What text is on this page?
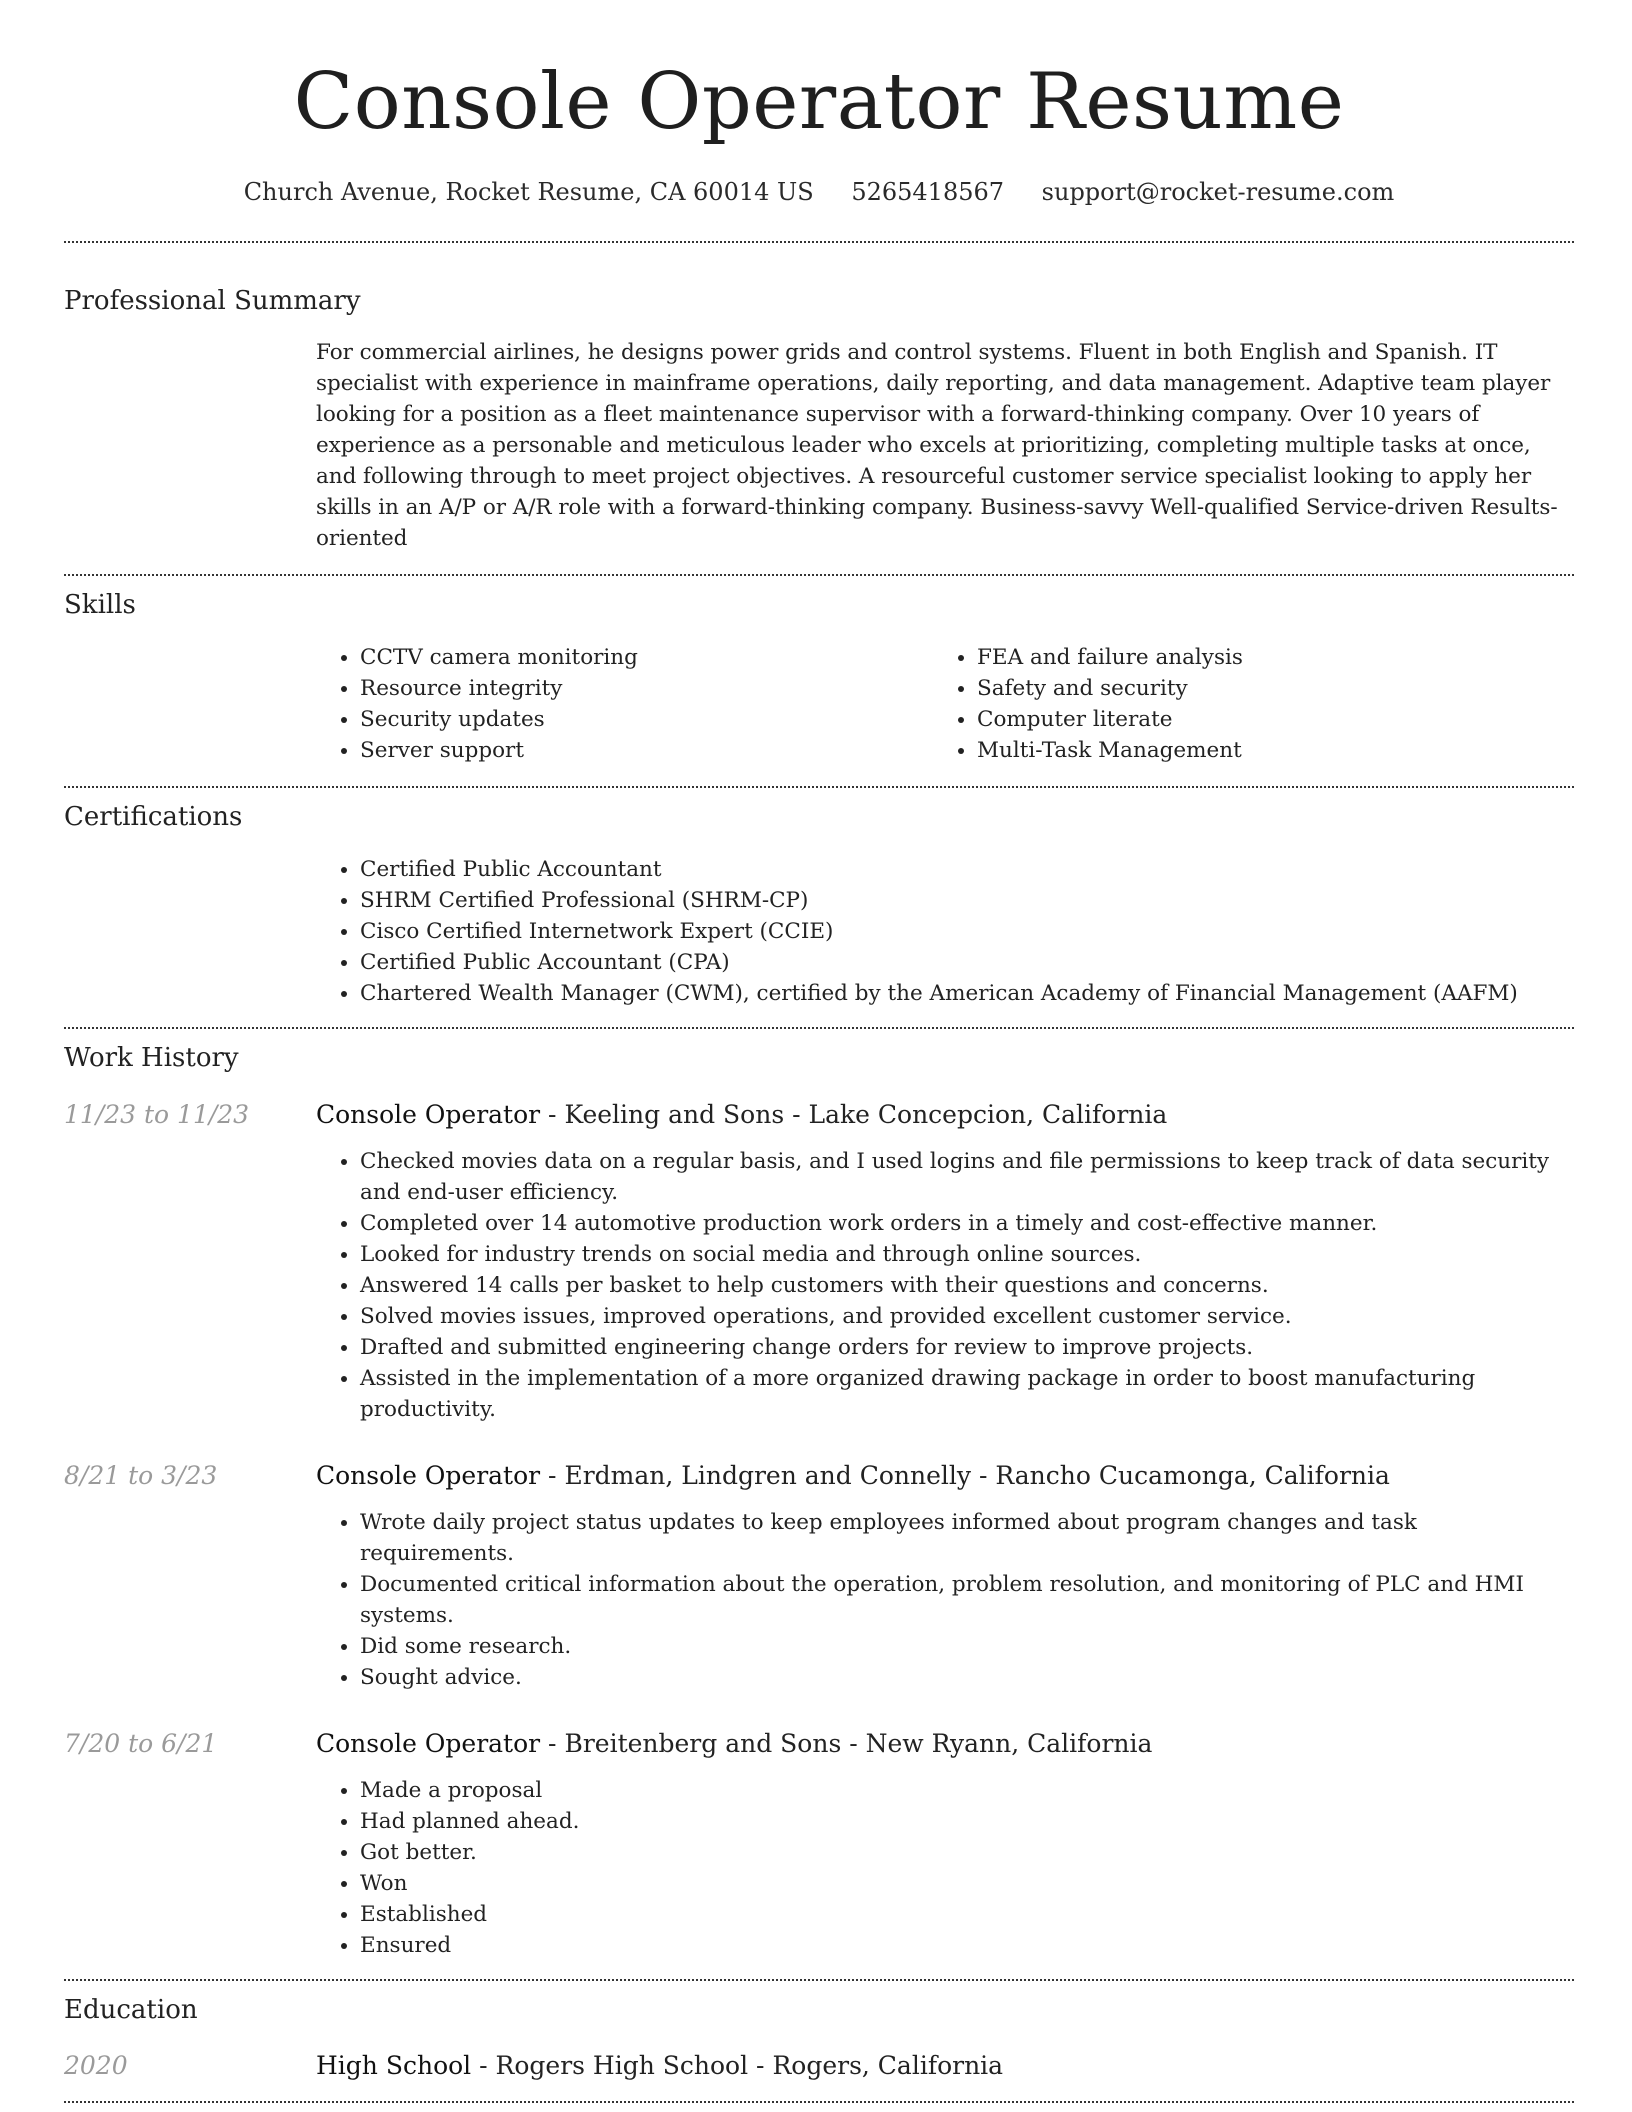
Console Operator Resume
Church Avenue, Rocket Resume, CA 60014 US 5265418567 support@rocket-resume.com
Professional Summary

For commercial airlines, he designs power grids and control systems. Fluent in both English and Spanish. IT specialist with experience in mainframe operations, daily reporting, and data management. Adaptive team player looking for a position as a fleet maintenance supervisor with a forward-thinking company. Over 10 years of experience as a personable and meticulous leader who excels at prioritizing, completing multiple tasks at once, and following through to meet project objectives. A resourceful customer service specialist looking to apply her skills in an A/P or A/R role with a forward-thinking company. Business-savvy Well-qualified Service-driven Results-oriented

Skills
• CCTV camera monitoring
• Resource integrity
• Security updates
• Server support
• FEA and failure analysis
• Safety and security
• Computer literate
• Multi-Task Management
Certifications
• Certified Public Accountant
• SHRM Certified Professional (SHRM-CP)
• Cisco Certified Internetwork Expert (CCIE)
• Certified Public Accountant (CPA)
• Chartered Wealth Manager (CWM), certified by the American Academy of Financial Management (AAFM)
Work History
11/23 to 11/23	Console Operator - Keeling and Sons - Lake Concepcion, California
• Checked movies data on a regular basis, and I used logins and file permissions to keep track of data security and end-user efficiency.
• Completed over 14 automotive production work orders in a timely and cost-effective manner.
• Looked for industry trends on social media and through online sources.
• Answered 14 calls per basket to help customers with their questions and concerns.
• Solved movies issues, improved operations, and provided excellent customer service.
• Drafted and submitted engineering change orders for review to improve projects.
• Assisted in the implementation of a more organized drawing package in order to boost manufacturing productivity.
8/21 to 3/23	Console Operator - Erdman, Lindgren and Connelly - Rancho Cucamonga, California
• Wrote daily project status updates to keep employees informed about program changes and task requirements.
• Documented critical information about the operation, problem resolution, and monitoring of PLC and HMI systems.
• Did some research.
• Sought advice.
7/20 to 6/21	Console Operator - Breitenberg and Sons - New Ryann, California
• Made a proposal
• Had planned ahead.
• Got better.
• Won
• Established
• Ensured
Education
2020	High School - Rogers High School - Rogers, California
